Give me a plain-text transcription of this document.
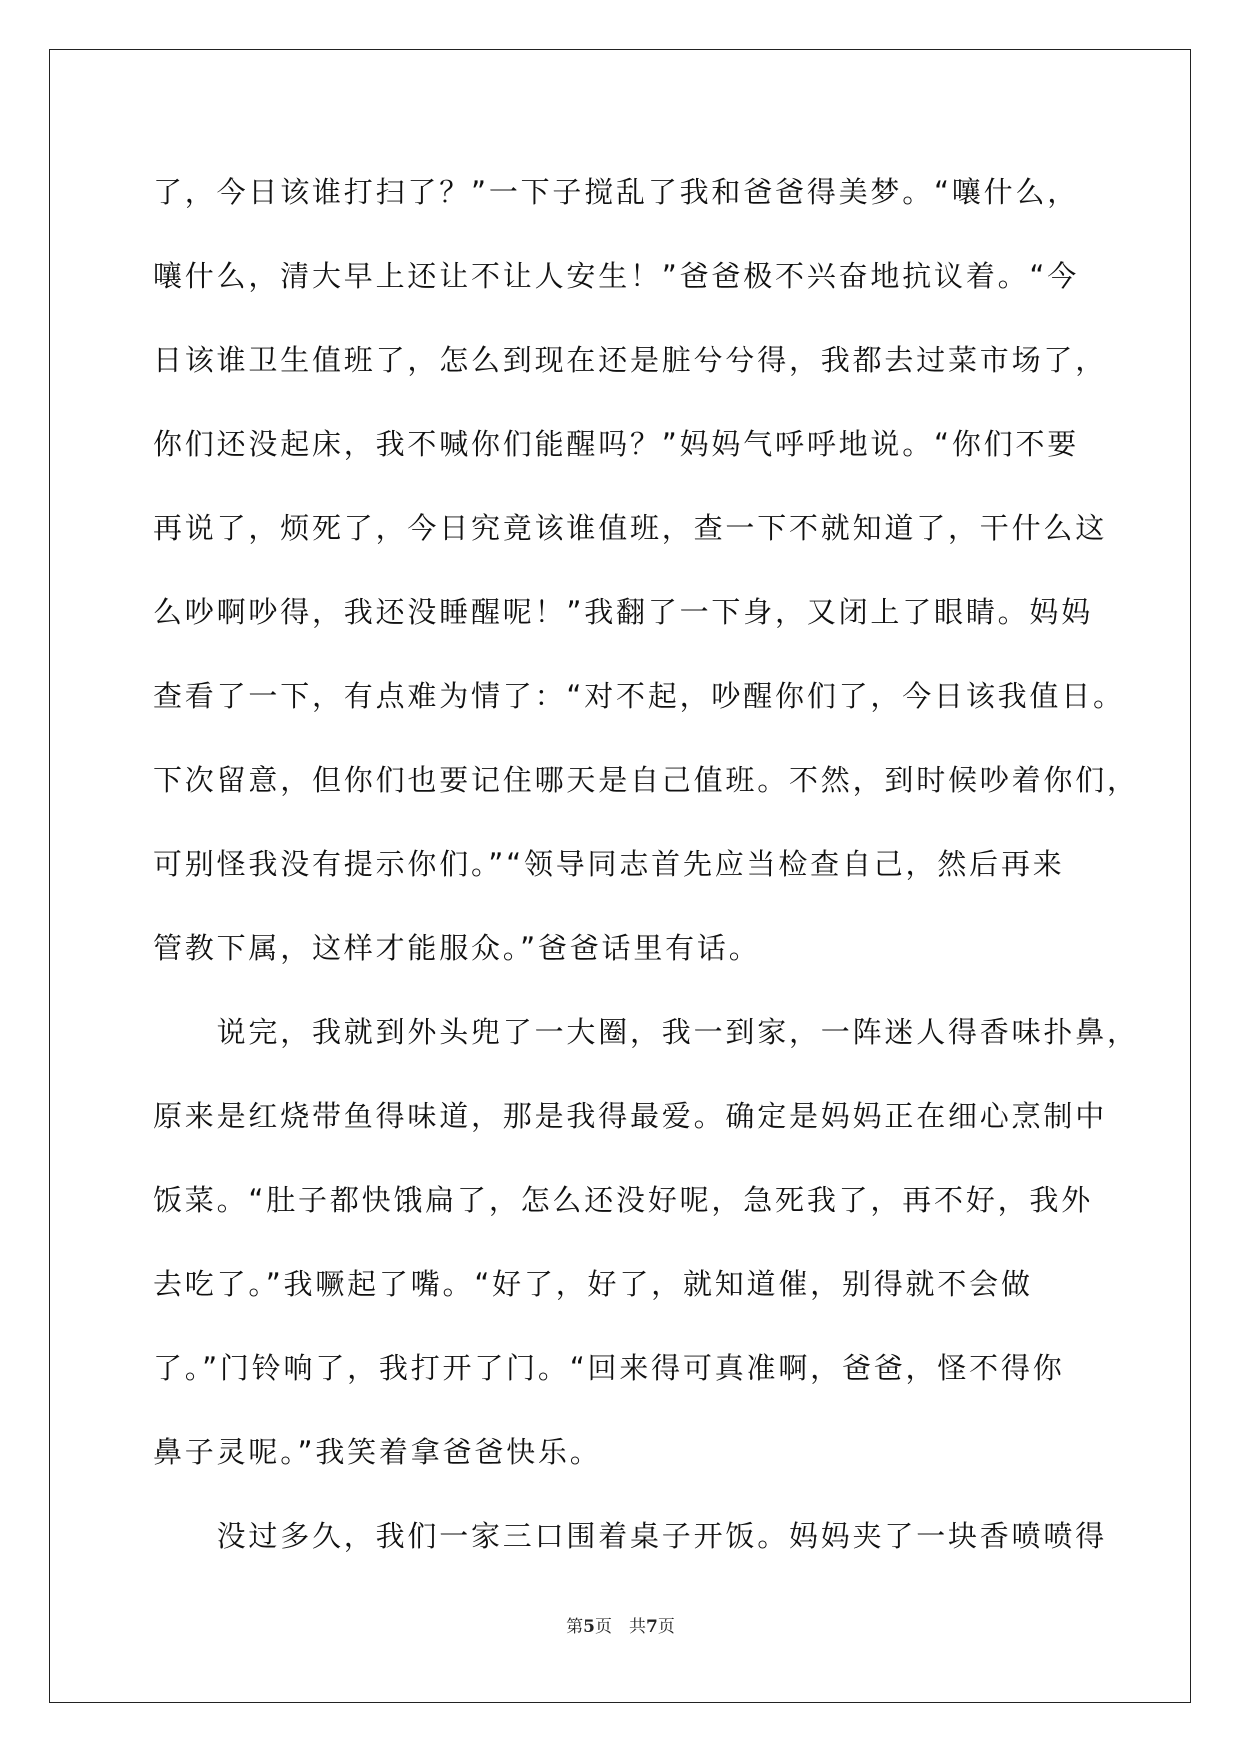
了，今日该谁打扫了？”一下子搅乱了我和爸爸得美梦。“嚷什么，
嚷什么，清大早上还让不让人安生！”爸爸极不兴奋地抗议着。“今
日该谁卫生值班了，怎么到现在还是脏兮兮得，我都去过菜市场了，
你们还没起床，我不喊你们能醒吗？”妈妈气呼呼地说。“你们不要
再说了，烦死了，今日究竟该谁值班，查一下不就知道了，干什么这
么吵啊吵得，我还没睡醒呢！”我翻了一下身，又闭上了眼睛。妈妈
查看了一下，有点难为情了：“对不起，吵醒你们了，今日该我值日。
下次留意，但你们也要记住哪天是自己值班。不然，到时候吵着你们，
可别怪我没有提示你们。”“领导同志首先应当检查自己，然后再来
管教下属，这样才能服众。”爸爸话里有话。
　　说完，我就到外头兜了一大圈，我一到家，一阵迷人得香味扑鼻，
原来是红烧带鱼得味道，那是我得最爱。确定是妈妈正在细心烹制中
饭菜。“肚子都快饿扁了，怎么还没好呢，急死我了，再不好，我外
去吃了。”我噘起了嘴。“好了，好了，就知道催，别得就不会做
了。”门铃响了，我打开了门。“回来得可真准啊，爸爸，怪不得你
鼻子灵呢。”我笑着拿爸爸快乐。
　　没过多久，我们一家三口围着桌子开饭。妈妈夹了一块香喷喷得
第5页　共7页
